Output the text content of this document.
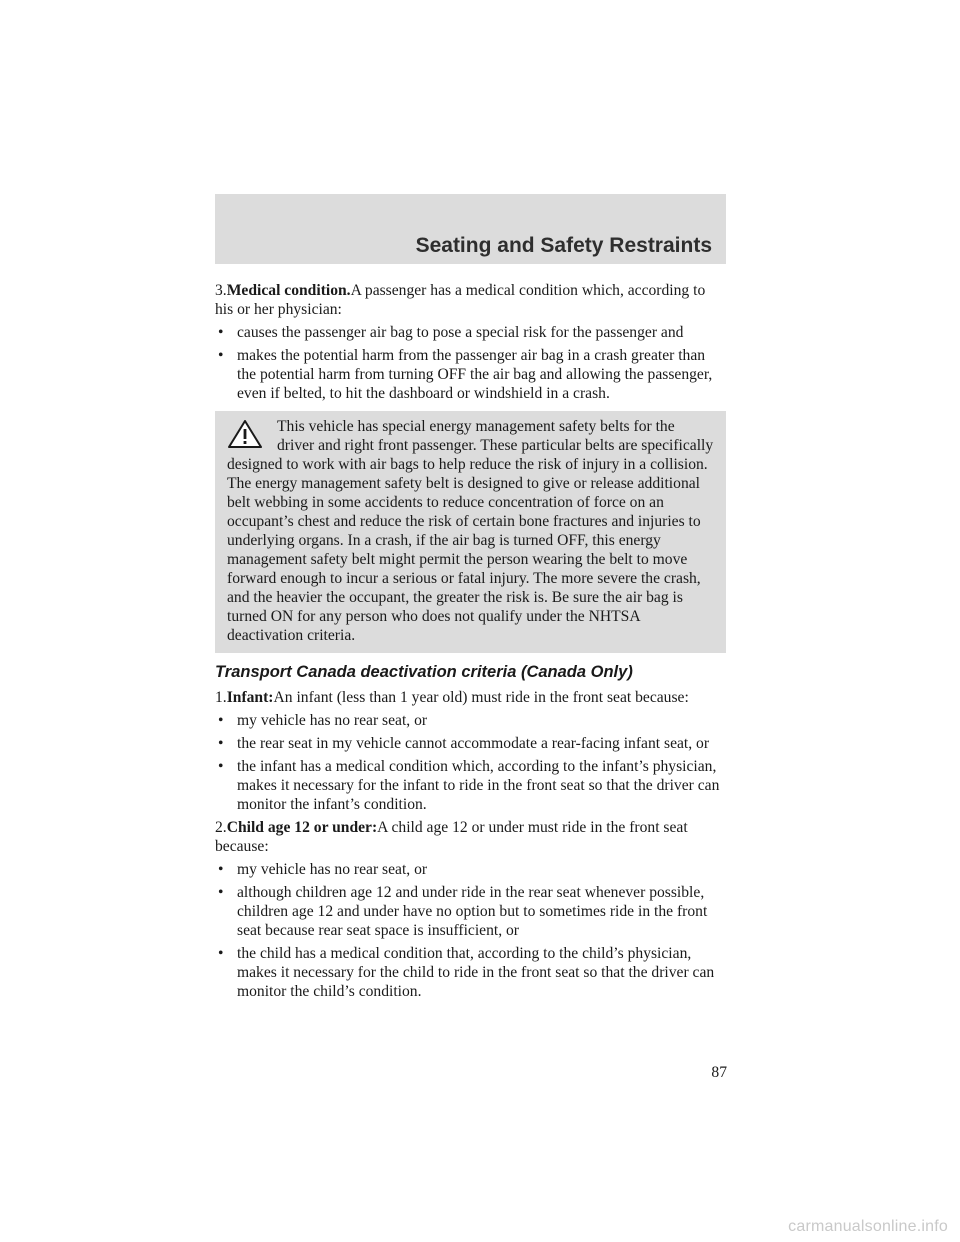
Seating and Safety Restraints

3.Medical condition.A passenger has a medical condition which, according to his or her physician:

• causes the passenger air bag to pose a special risk for the passenger and
• makes the potential harm from the passenger air bag in a crash greater than the potential harm from turning OFF the air bag and allowing the passenger, even if belted, to hit the dashboard or windshield in a crash.
This vehicle has special energy management safety belts for the driver and right front passenger. These particular belts are specifically designed to work with air bags to help reduce the risk of injury in a collision. The energy management safety belt is designed to give or release additional belt webbing in some accidents to reduce concentration of force on an occupant’s chest and reduce the risk of certain bone fractures and injuries to underlying organs. In a crash, if the air bag is turned OFF, this energy management safety belt might permit the person wearing the belt to move forward enough to incur a serious or fatal injury. The more severe the crash, and the heavier the occupant, the greater the risk is. Be sure the air bag is turned ON for any person who does not qualify under the NHTSA deactivation criteria.
Transport Canada deactivation criteria (Canada Only)

1.Infant:An infant (less than 1 year old) must ride in the front seat because:

• my vehicle has no rear seat, or
• the rear seat in my vehicle cannot accommodate a rear-facing infant seat, or
• the infant has a medical condition which, according to the infant’s physician, makes it necessary for the infant to ride in the front seat so that the driver can monitor the infant’s condition.

2.Child age 12 or under:A child age 12 or under must ride in the front seat because:

• my vehicle has no rear seat, or
• although children age 12 and under ride in the rear seat whenever possible, children age 12 and under have no option but to sometimes ride in the front seat because rear seat space is insufficient, or
• the child has a medical condition that, according to the child’s physician, makes it necessary for the child to ride in the front seat so that the driver can monitor the child’s condition.
87
carmanualsonline.info
